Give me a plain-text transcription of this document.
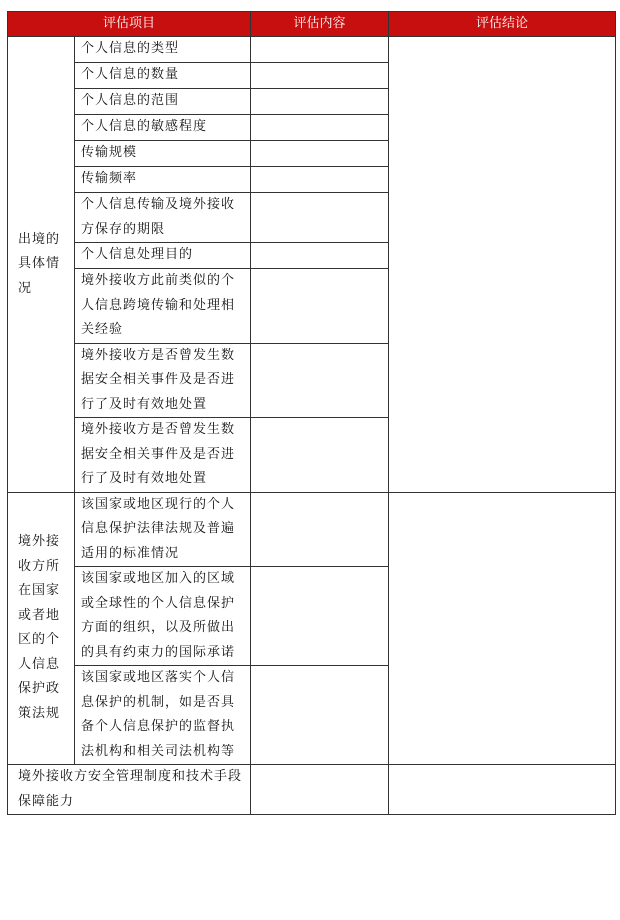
评估项目		评估内容	评估结论
出境的具体情况	个人信息的类型		
	个人信息的数量		
	个人信息的范围		
	个人信息的敏感程度		
	传输规模		
	传输频率		
	个人信息传输及境外接收方保存的期限		
	个人信息处理目的		
	境外接收方此前类似的个人信息跨境传输和处理相关经验		
	境外接收方是否曾发生数据安全相关事件及是否进行了及时有效地处置		
	境外接收方是否曾发生数据安全相关事件及是否进行了及时有效地处置		
境外接收方所在国家或者地区的个人信息保护政策法规	该国家或地区现行的个人信息保护法律法规及普遍适用的标准情况		
	该国家或地区加入的区域或全球性的个人信息保护方面的组织，以及所做出的具有约束力的国际承诺		
	该国家或地区落实个人信息保护的机制，如是否具备个人信息保护的监督执法机构和相关司法机构等		
境外接收方安全管理制度和技术手段保障能力			
